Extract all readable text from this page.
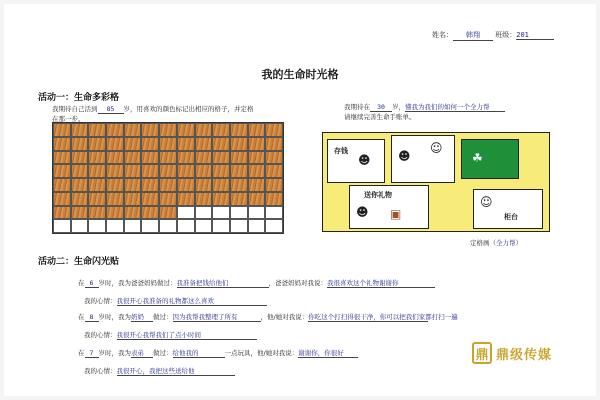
姓名： 韩翔 班级：201
我的生命时光格
活动一：生命多彩格
我期待自己活到 85 岁，用喜欢的颜色标记出相应的格子，并定格
在那一步。
我期待在 30 岁，懂我为我们的如何一个全力帮
请继续完善生命手账单。
存钱
☻ ☻
☺
☘
送你礼物
☻ ▣	柜台
☺
定格画（全力帮）
活动二：生命闪光贴
在 6 岁时，我为爸爸妈妈做过：我准备把钱给他们	，爸爸妈妈对我说：我很喜欢这个礼物谢谢你
我的心情：我很开心我准备的礼物都这么喜欢
在 8 岁时，我为奶奶 做过：因为我帮我整理了所有	，他/她对我说：你吃这个打扫得很干净，你可以把我们家都打扫一遍
我的心情：我很开心我帮我们了点小时间
在 7 岁时，我为表弟 做过：给他我的	一点玩具，他/她对我说：谢谢你，你很好
我的心情：我很开心，我把这些送给他
鼎 鼎级传媒
